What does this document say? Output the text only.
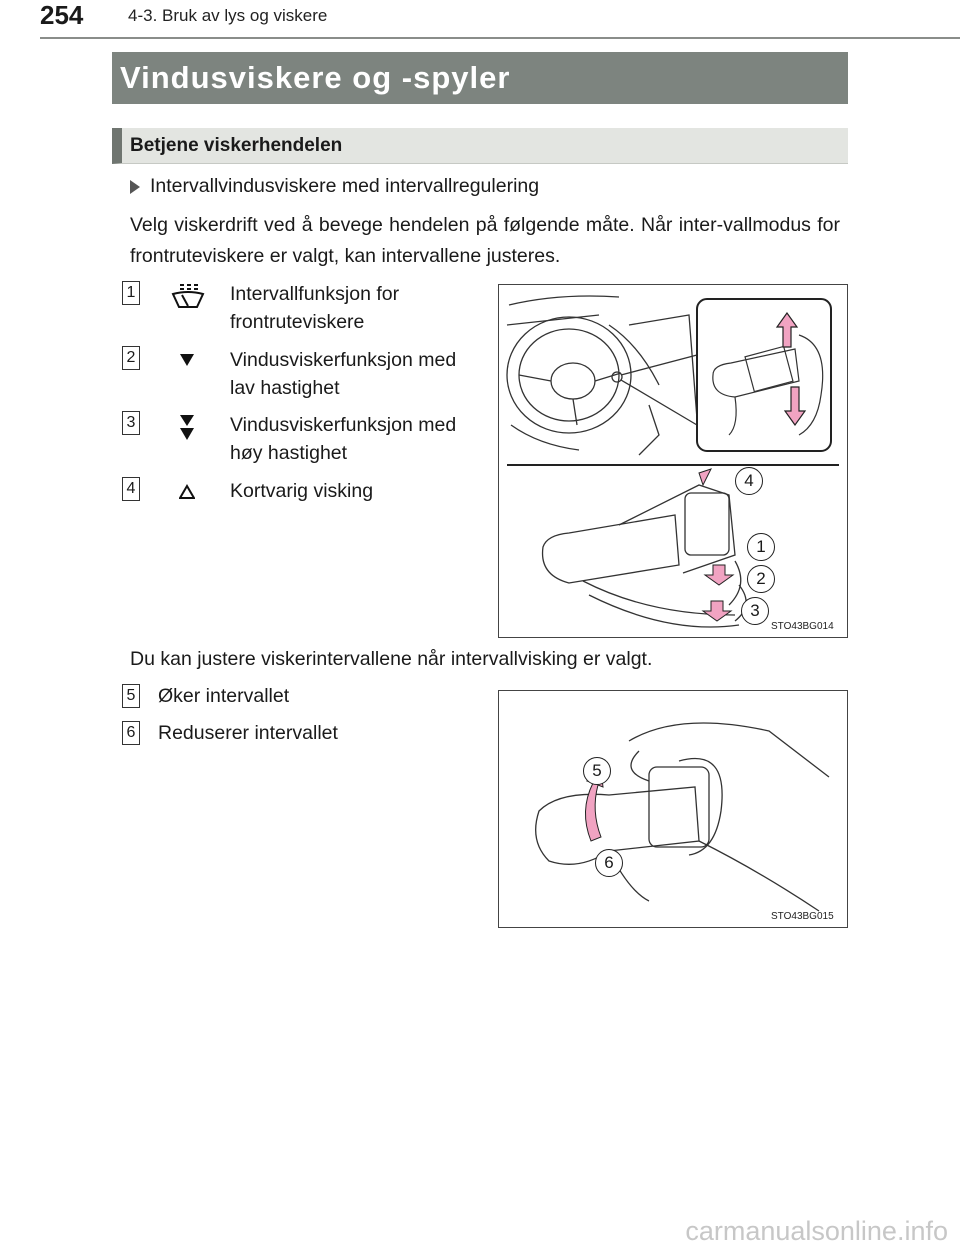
254	4-3. Bruk av lys og viskere
Vindusviskere og -spyler
Betjene viskerhendelen
Intervallvindusviskere med intervallregulering
Velg viskerdrift ved å bevege hendelen på følgende måte. Når inter-vallmodus for frontruteviskere er valgt, kan intervallene justeres.
1	Intervallfunksjon for frontruteviskere
2	Vindusviskerfunksjon med lav hastighet
3	Vindusviskerfunksjon med høy hastighet
4	Kortvarig visking	4
1
2
3
STO43BG014
Du kan justere viskerintervallene når intervallvisking er valgt.
5 Øker intervallet
6 Reduserer intervallet
5
6
STO43BG015
carmanualsonline.info
